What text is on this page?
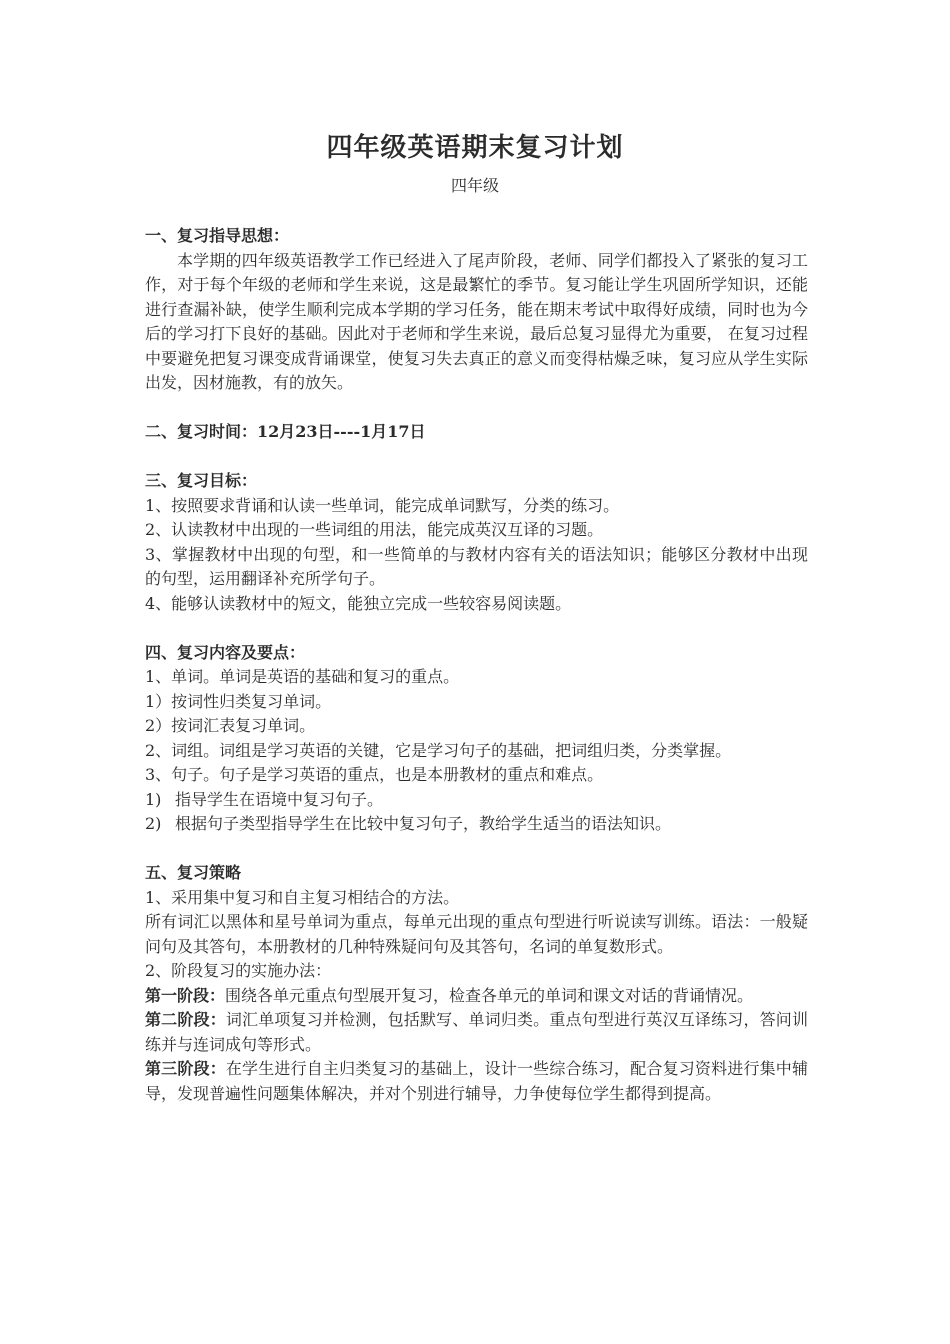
四年级英语期末复习计划
四年级

一、复习指导思想：

本学期的四年级英语教学工作已经进入了尾声阶段，老师、同学们都投入了紧张的复习工作，对于每个年级的老师和学生来说，这是最繁忙的季节。复习能让学生巩固所学知识，还能进行查漏补缺，使学生顺利完成本学期的学习任务，能在期末考试中取得好成绩，同时也为今后的学习打下良好的基础。因此对于老师和学生来说，最后总复习显得尤为重要， 在复习过程中要避免把复习课变成背诵课堂，使复习失去真正的意义而变得枯燥乏味，复习应从学生实际出发，因材施教，有的放矢。

二、复习时间：12月23日----1月17日

三、复习目标：

1、按照要求背诵和认读一些单词，能完成单词默写，分类的练习。

2、认读教材中出现的一些词组的用法，能完成英汉互译的习题。

3、掌握教材中出现的句型，和一些简单的与教材内容有关的语法知识；能够区分教材中出现 的句型，运用翻译补充所学句子。

4、能够认读教材中的短文，能独立完成一些较容易阅读题。

四、复习内容及要点：

1、单词。单词是英语的基础和复习的重点。

1）按词性归类复习单词。

2）按词汇表复习单词。

2、词组。词组是学习英语的关键，它是学习句子的基础，把词组归类，分类掌握。

3、句子。句子是学习英语的重点，也是本册教材的重点和难点。

1) 指导学生在语境中复习句子。
2) 根据句子类型指导学生在比较中复习句子，教给学生适当的语法知识。

五、复习策略

1、采用集中复习和自主复习相结合的方法。

所有词汇以黑体和星号单词为重点，每单元出现的重点句型进行听说读写训练。语法：一般疑问句及其答句，本册教材的几种特殊疑问句及其答句，名词的单复数形式。

2、阶段复习的实施办法：

第一阶段：围绕各单元重点句型展开复习，检查各单元的单词和课文对话的背诵情况。

第二阶段：词汇单项复习并检测，包括默写、单词归类。重点句型进行英汉互译练习，答问训练并与连词成句等形式。

第三阶段：在学生进行自主归类复习的基础上，设计一些综合练习，配合复习资料进行集中辅导，发现普遍性问题集体解决，并对个别进行辅导，力争使每位学生都得到提高。
